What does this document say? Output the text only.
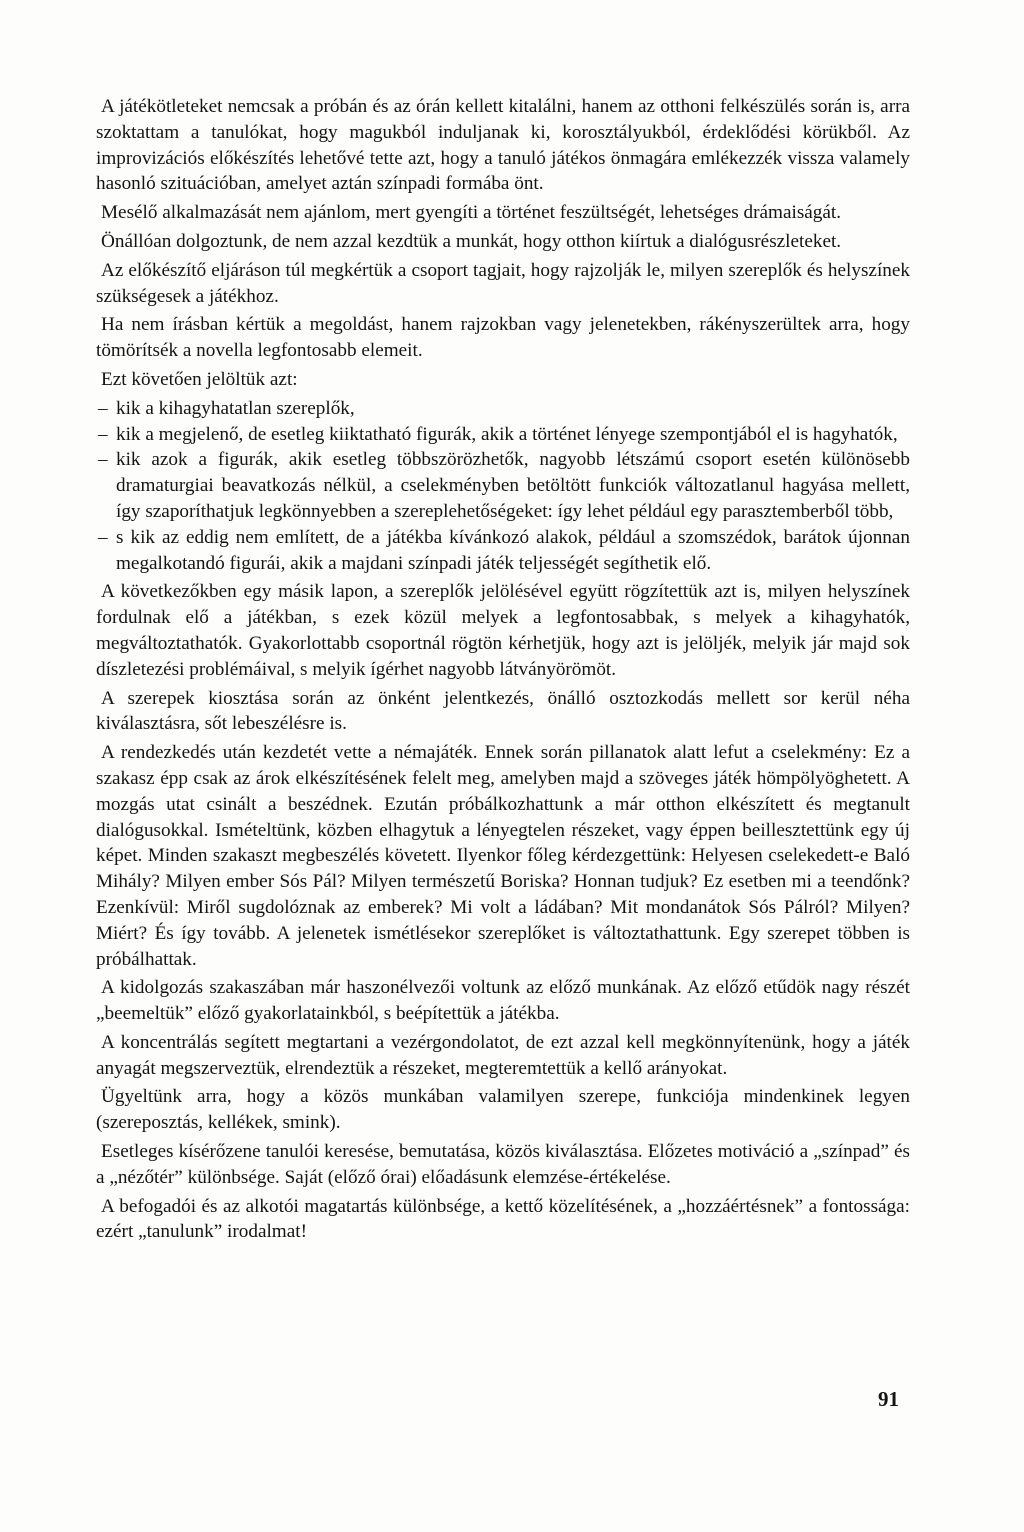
A játékötleteket nemcsak a próbán és az órán kellett kitalálni, hanem az otthoni felkészülés során is, arra szoktattam a tanulókat, hogy magukból induljanak ki, korosztályukból, érdeklődési körükből. Az improvizációs előkészítés lehetővé tette azt, hogy a tanuló játékos önmagára emlékezzék vissza valamely hasonló szituációban, amelyet aztán színpadi formába önt.

Mesélő alkalmazását nem ajánlom, mert gyengíti a történet feszültségét, lehetséges drámaiságát.

Önállóan dolgoztunk, de nem azzal kezdtük a munkát, hogy otthon kiírtuk a dialógusrészleteket.

Az előkészítő eljáráson túl megkértük a csoport tagjait, hogy rajzolják le, milyen szereplők és helyszínek szükségesek a játékhoz.

Ha nem írásban kértük a megoldást, hanem rajzokban vagy jelenetekben, rákényszerültek arra, hogy tömörítsék a novella legfontosabb elemeit.

Ezt követően jelöltük azt:

– kik a kihagyhatatlan szereplők,
– kik a megjelenő, de esetleg kiiktatható figurák, akik a történet lényege szempontjából el is hagyhatók,
– kik azok a figurák, akik esetleg többszörözhetők, nagyobb létszámú csoport esetén különösebb dramaturgiai beavatkozás nélkül, a cselekményben betöltött funkciók változatlanul hagyása mellett, így szaporíthatjuk legkönnyebben a szereplehetőségeket: így lehet például egy parasztemberből több,
– s kik az eddig nem említett, de a játékba kívánkozó alakok, például a szomszédok, barátok újonnan megalkotandó figurái, akik a majdani színpadi játék teljességét segíthetik elő.

A következőkben egy másik lapon, a szereplők jelölésével együtt rögzítettük azt is, milyen helyszínek fordulnak elő a játékban, s ezek közül melyek a legfontosabbak, s melyek a kihagyhatók, megváltoztathatók. Gyakorlottabb csoportnál rögtön kérhetjük, hogy azt is jelöljék, melyik jár majd sok díszletezési problémáival, s melyik ígérhet nagyobb látványörömöt.

A szerepek kiosztása során az önként jelentkezés, önálló osztozkodás mellett sor kerül néha kiválasztásra, sőt lebeszélésre is.

A rendezkedés után kezdetét vette a némajáték. Ennek során pillanatok alatt lefut a cselekmény: Ez a szakasz épp csak az árok elkészítésének felelt meg, amelyben majd a szöveges játék hömpölyöghetett. A mozgás utat csinált a beszédnek. Ezután próbálkozhattunk a már otthon elkészített és megtanult dialógusokkal. Ismételtünk, közben elhagytuk a lényegtelen részeket, vagy éppen beillesztettünk egy új képet. Minden szakaszt megbeszélés követett. Ilyenkor főleg kérdezgettünk: Helyesen cselekedett-e Baló Mihály? Milyen ember Sós Pál? Milyen természetű Boriska? Honnan tudjuk? Ez esetben mi a teendőnk? Ezenkívül: Miről sugdolóznak az emberek? Mi volt a ládában? Mit mondanátok Sós Pálról? Milyen? Miért? És így tovább. A jelenetek ismétlésekor szereplőket is változtathattunk. Egy szerepet többen is próbálhattak.

A kidolgozás szakaszában már haszonélvezői voltunk az előző munkának. Az előző etűdök nagy részét „beemeltük” előző gyakorlatainkból, s beépítettük a játékba.

A koncentrálás segített megtartani a vezérgondolatot, de ezt azzal kell megkönnyítenünk, hogy a játék anyagát megszerveztük, elrendeztük a részeket, megteremtettük a kellő arányokat.

Ügyeltünk arra, hogy a közös munkában valamilyen szerepe, funkciója mindenkinek legyen (szereposztás, kellékek, smink).

Esetleges kísérőzene tanulói keresése, bemutatása, közös kiválasztása. Előzetes motiváció a „színpad” és a „nézőtér” különbsége. Saját (előző órai) előadásunk elemzése-értékelése.

A befogadói és az alkotói magatartás különbsége, a kettő közelítésének, a „hozzáértésnek” a fontossága: ezért „tanulunk” irodalmat!

91
